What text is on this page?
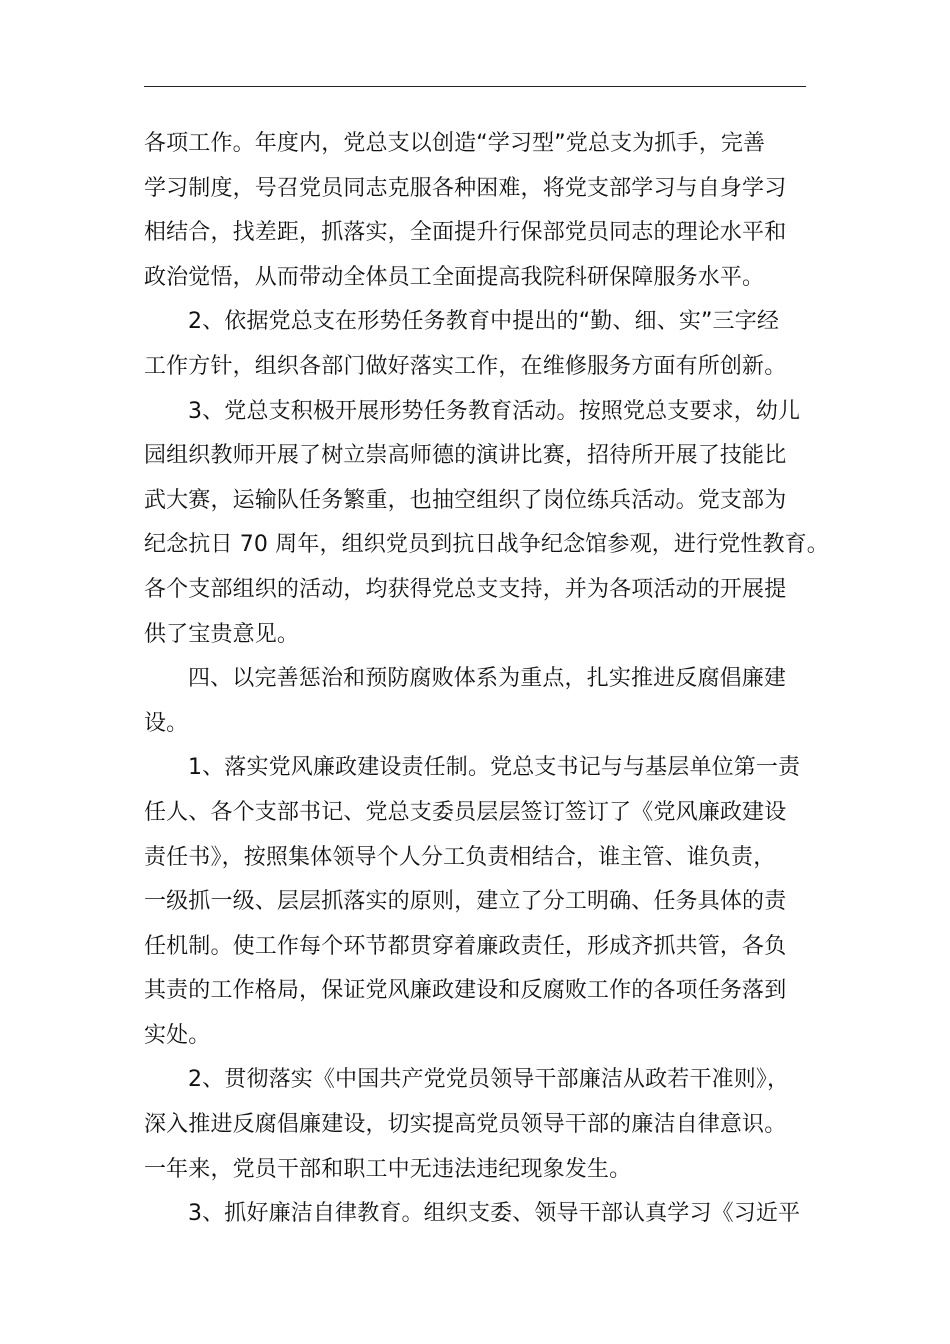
各项工作。年度内，党总支以创造“学习型”党总支为抓手，完善
学习制度，号召党员同志克服各种困难，将党支部学习与自身学习
相结合，找差距，抓落实，全面提升行保部党员同志的理论水平和
政治觉悟，从而带动全体员工全面提高我院科研保障服务水平。
2、依据党总支在形势任务教育中提出的“勤、细、实”三字经
工作方针，组织各部门做好落实工作，在维修服务方面有所创新。
3、党总支积极开展形势任务教育活动。按照党总支要求，幼儿
园组织教师开展了树立崇高师德的演讲比赛，招待所开展了技能比
武大赛，运输队任务繁重，也抽空组织了岗位练兵活动。党支部为
纪念抗日 70 周年，组织党员到抗日战争纪念馆参观，进行党性教育。
各个支部组织的活动，均获得党总支支持，并为各项活动的开展提
供了宝贵意见。
四、以完善惩治和预防腐败体系为重点，扎实推进反腐倡廉建
设。
1、落实党风廉政建设责任制。党总支书记与与基层单位第一责
任人、各个支部书记、党总支委员层层签订签订了《党风廉政建设
责任书》，按照集体领导个人分工负责相结合，谁主管、谁负责，
一级抓一级、层层抓落实的原则，建立了分工明确、任务具体的责
任机制。使工作每个环节都贯穿着廉政责任，形成齐抓共管，各负
其责的工作格局，保证党风廉政建设和反腐败工作的各项任务落到
实处。
2、贯彻落实《中国共产党党员领导干部廉洁从政若干准则》，
深入推进反腐倡廉建设，切实提高党员领导干部的廉洁自律意识。
一年来，党员干部和职工中无违法违纪现象发生。
3、抓好廉洁自律教育。组织支委、领导干部认真学习《习近平
